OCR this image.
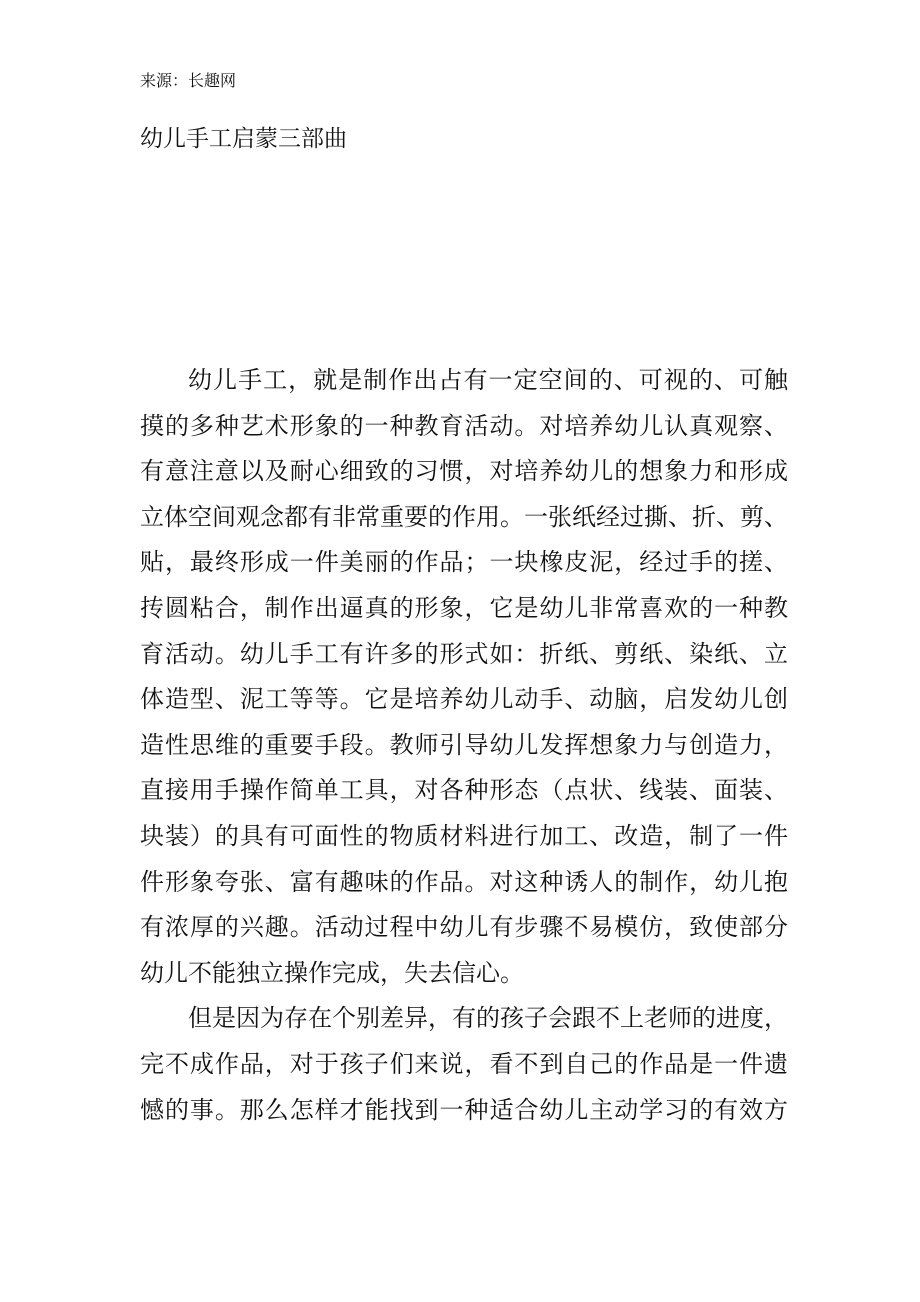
来源：长趣网
幼儿手工启蒙三部曲
幼儿手工，就是制作出占有一定空间的、可视的、可触
摸的多种艺术形象的一种教育活动。对培养幼儿认真观察、
有意注意以及耐心细致的习惯，对培养幼儿的想象力和形成
立体空间观念都有非常重要的作用。一张纸经过撕、折、剪、
贴，最终形成一件美丽的作品；一块橡皮泥，经过手的搓、
抟圆粘合，制作出逼真的形象，它是幼儿非常喜欢的一种教
育活动。幼儿手工有许多的形式如：折纸、剪纸、染纸、立
体造型、泥工等等。它是培养幼儿动手、动脑，启发幼儿创
造性思维的重要手段。教师引导幼儿发挥想象力与创造力，
直接用手操作简单工具，对各种形态（点状、线装、面装、
块装）的具有可面性的物质材料进行加工、改造，制了一件
件形象夸张、富有趣味的作品。对这种诱人的制作，幼儿抱
有浓厚的兴趣。活动过程中幼儿有步骤不易模仿，致使部分
幼儿不能独立操作完成，失去信心。
但是因为存在个别差异，有的孩子会跟不上老师的进度，
完不成作品，对于孩子们来说，看不到自己的作品是一件遗
憾的事。那么怎样才能找到一种适合幼儿主动学习的有效方
